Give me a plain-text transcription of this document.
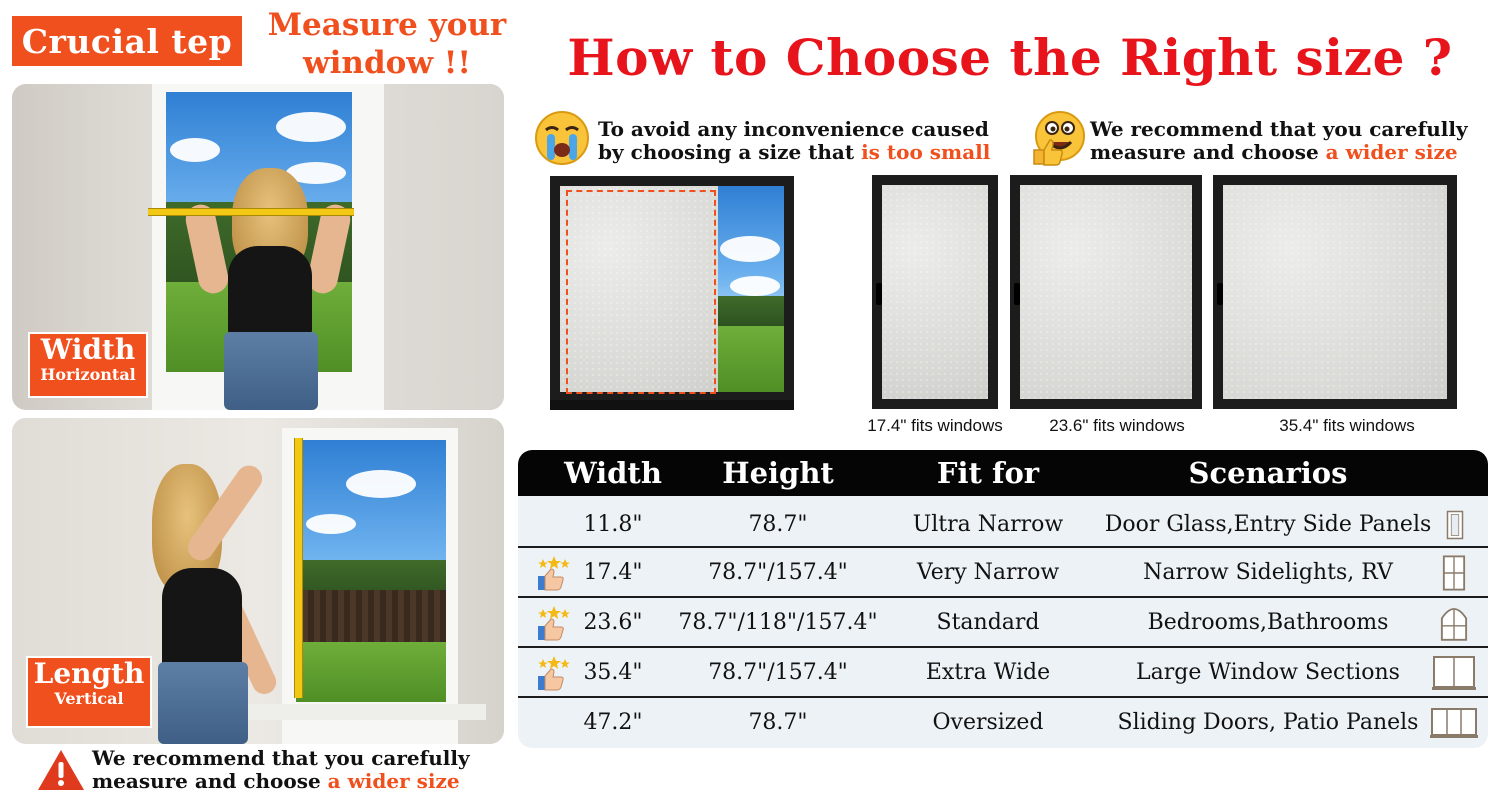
Crucial tep	Measure your
window !!
Width
Horizontal
Length
Vertical
We recommend that you carefully
measure and choose a wider size
How to Choose the Right size ?
To avoid any inconvenience caused
by choosing a size that is too small
We recommend that you carefully
measure and choose a wider size
17.4" fits windows	23.6" fits windows	35.4" fits windows
Width	Height	Fit for	Scenarios
11.8"	78.7"	Ultra Narrow	Door Glass,Entry Side Panels
17.4"	78.7"/157.4"	Very Narrow	Narrow Sidelights, RV
23.6"	78.7"/118"/157.4"	Standard	Bedrooms,Bathrooms
35.4"	78.7"/157.4"	Extra Wide	Large Window Sections
47.2"	78.7"	Oversized	Sliding Doors, Patio Panels
